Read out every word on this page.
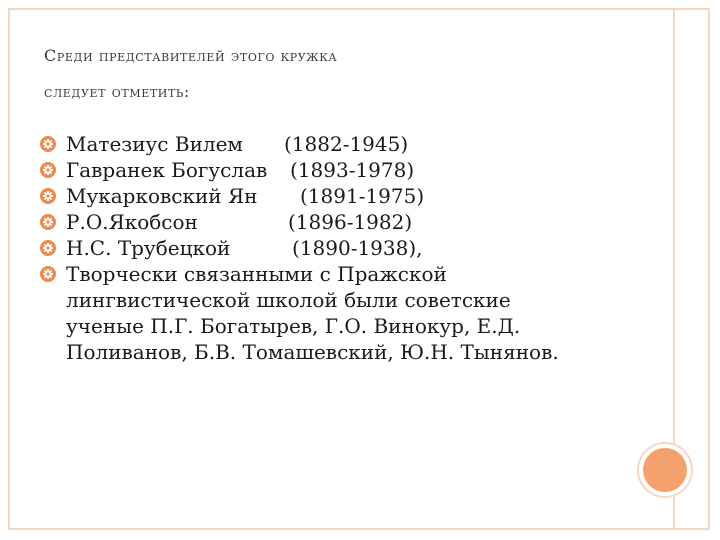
Среди представителей этого кружка
следует отметить:
Матезиус Вилем (1882-1945)
Гавранек Богуслав (1893-1978)
Мукарковский Ян (1891-1975)
Р.О.Якобсон	(1896-1982)
Н.С. Трубецкой	(1890-1938),
Творчески связанными с Пражской
лингвистической школой были советские
ученые П.Г. Богатырев, Г.О. Винокур, Е.Д.
Поливанов, Б.В. Томашевский, Ю.Н. Тынянов.
